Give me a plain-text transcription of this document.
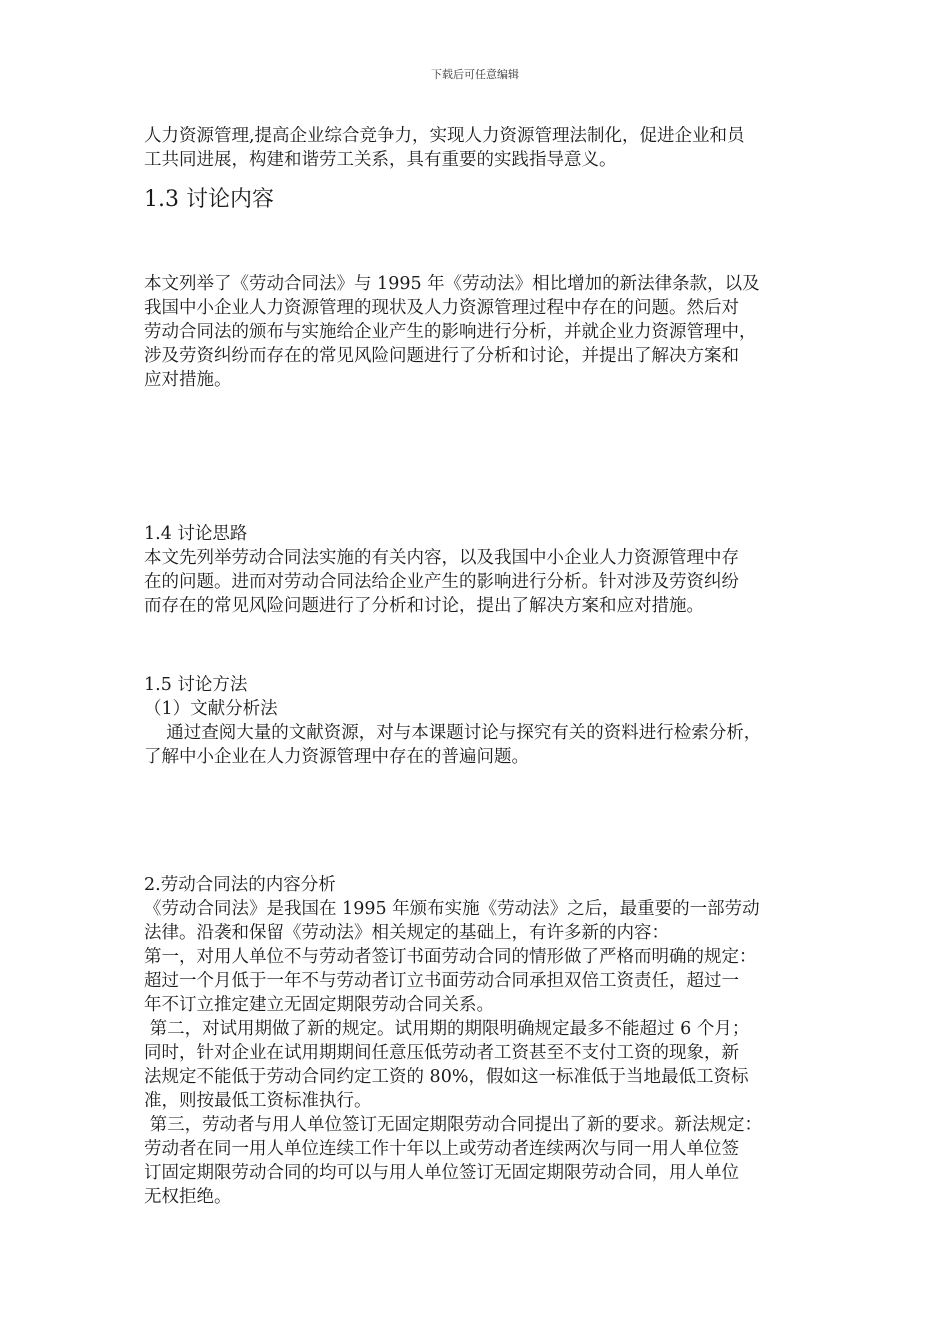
下载后可任意编辑
人力资源管理,提高企业综合竞争力，实现人力资源管理法制化，促进企业和员
工共同进展，构建和谐劳工关系，具有重要的实践指导意义。
1.3 讨论内容
本文列举了《劳动合同法》与 1995 年《劳动法》相比增加的新法律条款，以及
我国中小企业人力资源管理的现状及人力资源管理过程中存在的问题。然后对
劳动合同法的颁布与实施给企业产生的影响进行分析，并就企业力资源管理中，
涉及劳资纠纷而存在的常见风险问题进行了分析和讨论，并提出了解决方案和
应对措施。
1.4 讨论思路
本文先列举劳动合同法实施的有关内容，以及我国中小企业人力资源管理中存
在的问题。进而对劳动合同法给企业产生的影响进行分析。针对涉及劳资纠纷
而存在的常见风险问题进行了分析和讨论，提出了解决方案和应对措施。
1.5 讨论方法
（1）文献分析法
通过查阅大量的文献资源，对与本课题讨论与探究有关的资料进行检索分析，
了解中小企业在人力资源管理中存在的普遍问题。
2.劳动合同法的内容分析
《劳动合同法》是我国在 1995 年颁布实施《劳动法》之后，最重要的一部劳动
法律。沿袭和保留《劳动法》相关规定的基础上，有许多新的内容：
第一，对用人单位不与劳动者签订书面劳动合同的情形做了严格而明确的规定：
超过一个月低于一年不与劳动者订立书面劳动合同承担双倍工资责任，超过一
年不订立推定建立无固定期限劳动合同关系。
第二，对试用期做了新的规定。试用期的期限明确规定最多不能超过 6 个月；
同时，针对企业在试用期期间任意压低劳动者工资甚至不支付工资的现象，新
法规定不能低于劳动合同约定工资的 80%，假如这一标准低于当地最低工资标
准，则按最低工资标准执行。
第三，劳动者与用人单位签订无固定期限劳动合同提出了新的要求。新法规定：
劳动者在同一用人单位连续工作十年以上或劳动者连续两次与同一用人单位签
订固定期限劳动合同的均可以与用人单位签订无固定期限劳动合同，用人单位
无权拒绝。
